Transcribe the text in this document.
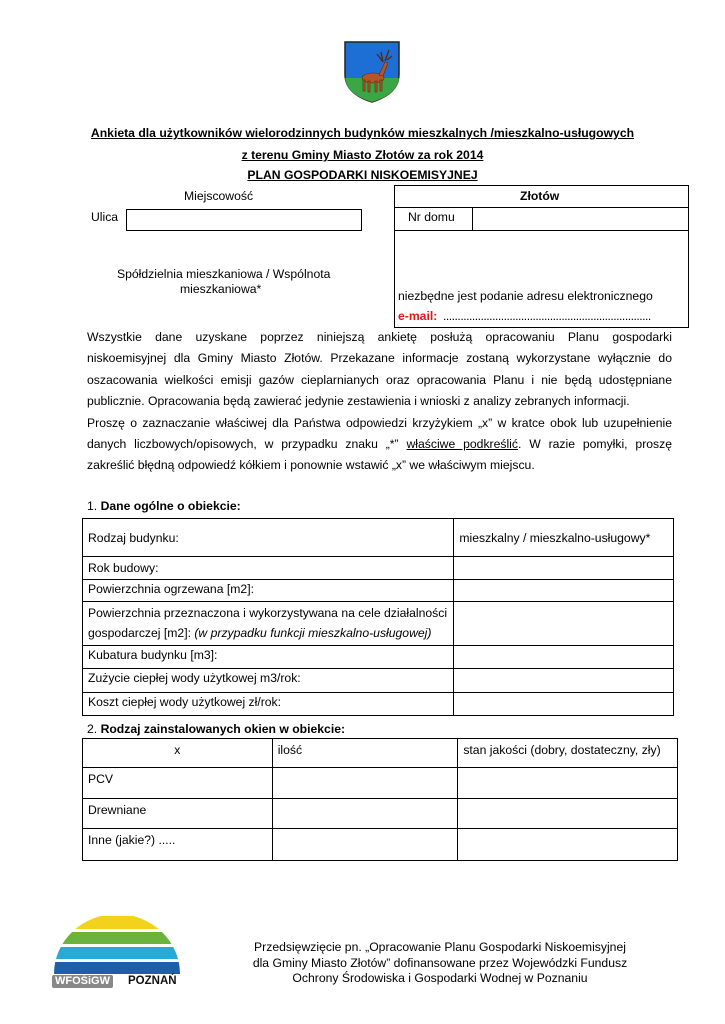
Ankieta dla użytkowników wielorodzinnych budynków mieszkalnych /mieszkalno-usługowych
z terenu Gminy Miasto Złotów za rok 2014
PLAN GOSPODARKI NISKOEMISYJNEJ
Miejscowość	Złotów
Ulica	Nr domu
Spółdzielnia mieszkaniowa / Wspólnota
mieszkaniowa*	niezbędne jest podanie adresu elektronicznego
e-mail: ........................................................................
Wszystkie dane uzyskane poprzez niniejszą ankietę posłużą opracowaniu Planu gospodarki
niskoemisyjnej dla Gminy Miasto Złotów. Przekazane informacje zostaną wykorzystane wyłącznie do
oszacowania wielkości emisji gazów cieplarnianych oraz opracowania Planu i nie będą udostępniane
publicznie. Opracowania będą zawierać jedynie zestawienia i wnioski z analizy zebranych informacji.
Proszę o zaznaczanie właściwej dla Państwa odpowiedzi krzyżykiem „x” w kratce obok lub uzupełnienie
danych liczbowych/opisowych, w przypadku znaku „*” właściwe podkreślić. W razie pomyłki, proszę
zakreślić błędną odpowiedź kółkiem i ponownie wstawić „x” we właściwym miejscu.
1. Dane ogólne o obiekcie:
Rodzaj budynku:	mieszkalny / mieszkalno-usługowy*
Rok budowy:	
Powierzchnia ogrzewana [m2]:	

Powierzchnia przeznaczona i wykorzystywana na cele działalności
gospodarczej [m2]: (w przypadku funkcji mieszkalno-usługowej)	

Kubatura budynku [m3]:	
Zużycie ciepłej wody użytkowej m3/rok:	
Koszt ciepłej wody użytkowej zł/rok:	
2. Rodzaj zainstalowanych okien w obiekcie:
x	ilość	stan jakości (dobry, dostateczny, zły)
PCV		
Drewniane		
Inne (jakie?) .....		
WFOŚiGW POZNAŃ
Przedsięwzięcie pn. „Opracowanie Planu Gospodarki Niskoemisyjnej
dla Gminy Miasto Złotów” dofinansowane przez Wojewódzki Fundusz
Ochrony Środowiska i Gospodarki Wodnej w Poznaniu
